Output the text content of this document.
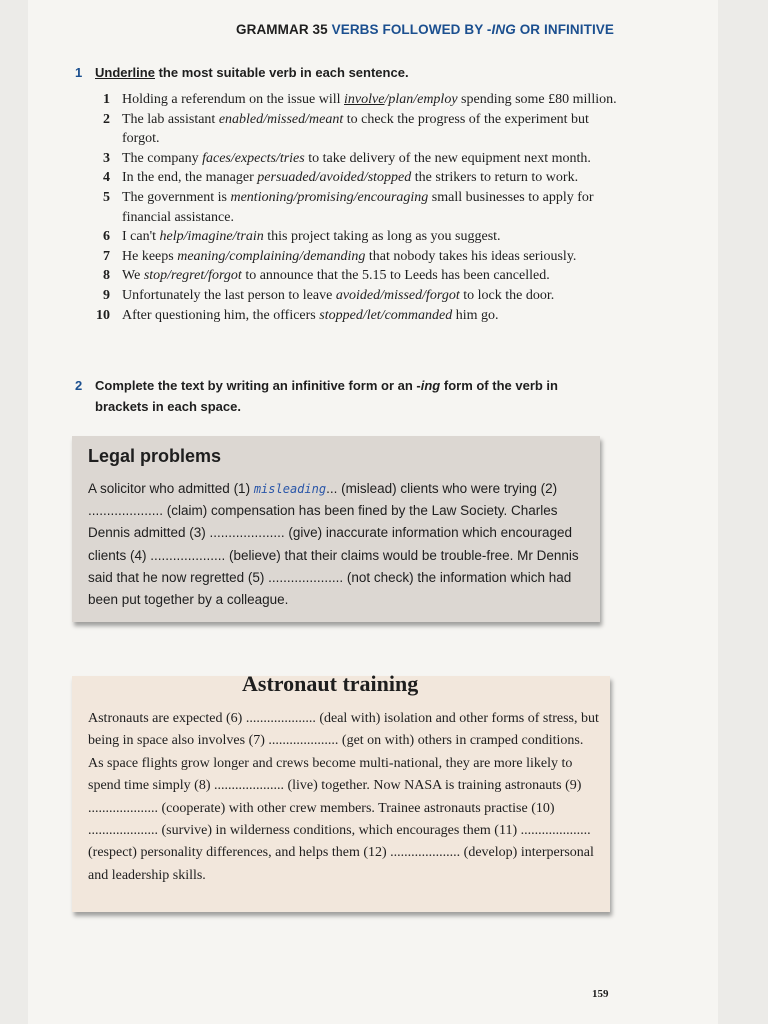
GRAMMAR 35 VERBS FOLLOWED BY -ING OR INFINITIVE
1 Underline the most suitable verb in each sentence.
1 Holding a referendum on the issue will involve/plan/employ spending some £80 million.
2 The lab assistant enabled/missed/meant to check the progress of the experiment but forgot.
3 The company faces/expects/tries to take delivery of the new equipment next month.
4 In the end, the manager persuaded/avoided/stopped the strikers to return to work.
5 The government is mentioning/promising/encouraging small businesses to apply for financial assistance.
6 I can't help/imagine/train this project taking as long as you suggest.
7 He keeps meaning/complaining/demanding that nobody takes his ideas seriously.
8 We stop/regret/forgot to announce that the 5.15 to Leeds has been cancelled.
9 Unfortunately the last person to leave avoided/missed/forgot to lock the door.
10 After questioning him, the officers stopped/let/commanded him go.
2 Complete the text by writing an infinitive form or an -ing form of the verb in
brackets in each space.
Legal problems
A solicitor who admitted (1) misleading... (mislead) clients who were trying (2) .................... (claim) compensation has been fined by the Law Society. Charles Dennis admitted (3) .................... (give) inaccurate information which encouraged clients (4) .................... (believe) that their claims would be trouble-free. Mr Dennis said that he now regretted (5) .................... (not check) the information which had been put together by a colleague.
Astronaut training
Astronauts are expected (6) .................... (deal with) isolation and other forms of stress, but being in space also involves (7) .................... (get on with) others in cramped conditions. As space flights grow longer and crews become multi-national, they are more likely to spend time simply (8) .................... (live) together. Now NASA is training astronauts (9) .................... (cooperate) with other crew members. Trainee astronauts practise (10) .................... (survive) in wilderness conditions, which encourages them (11) .................... (respect) personality differences, and helps them (12) .................... (develop) interpersonal and leadership skills.
159
